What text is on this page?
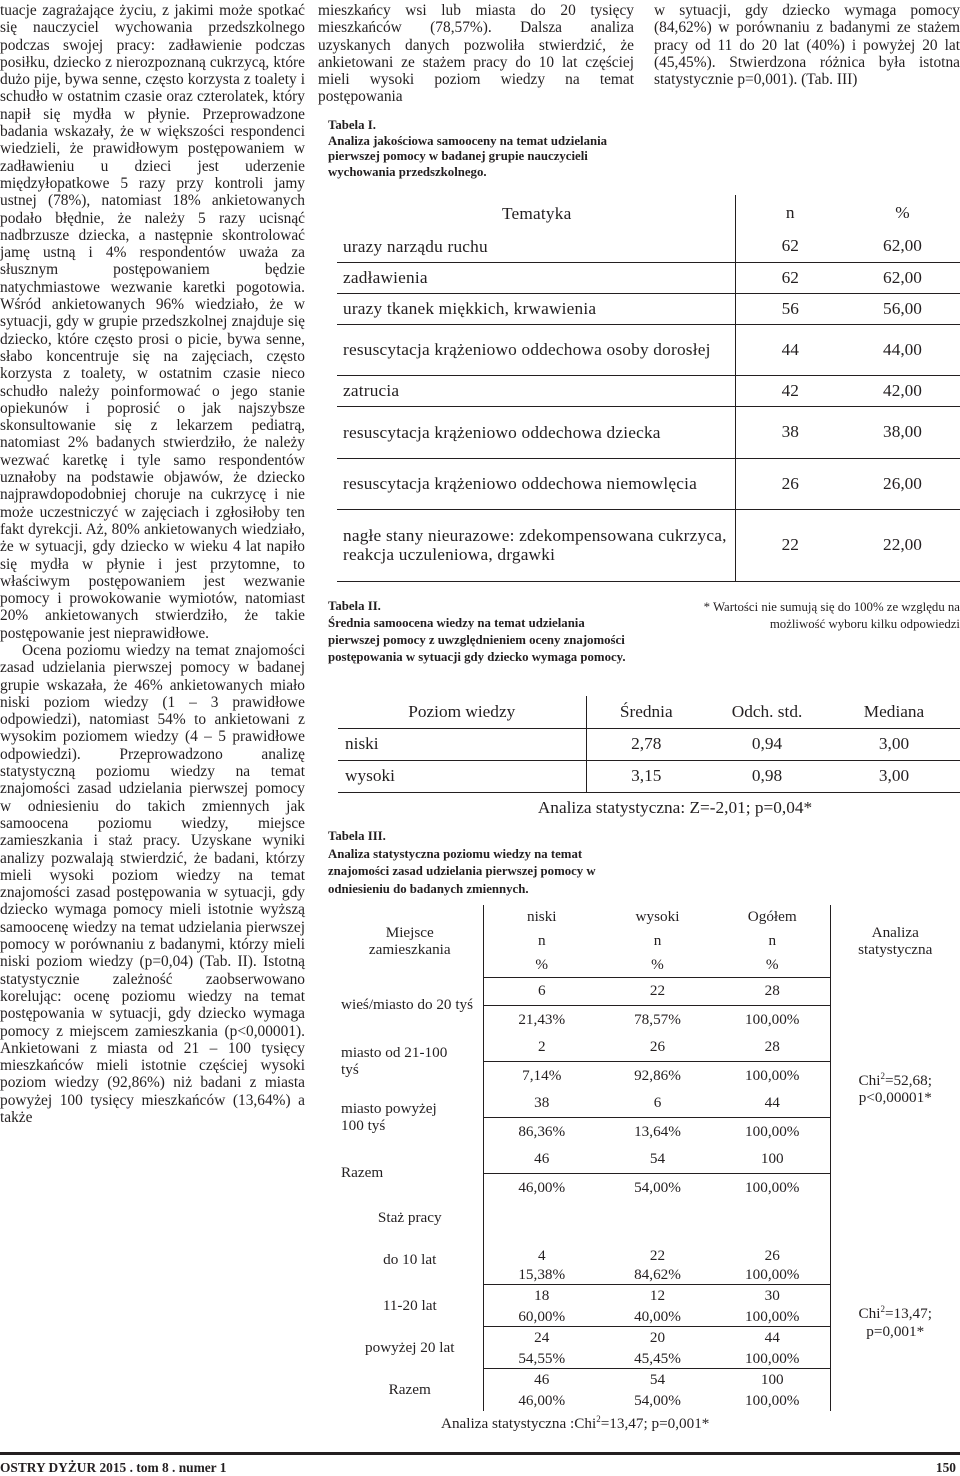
tuacje zagrażające życiu, z jakimi może spotkać się nauczyciel wychowania przedszkolnego podczas swojej pracy: zadławienie podczas posiłku, dziecko z nierozpoznaną cukrzycą, które dużo pije, bywa senne, często korzysta z toalety i schudło w ostatnim czasie oraz czterolatek, który napił się mydła w płynie. Przeprowadzone badania wskazały, że w większości respondenci wiedzieli, że prawidłowym postępowaniem w zadławieniu u dzieci jest uderzenie międzyłopatkowe 5 razy przy kontroli jamy ustnej (78%), natomiast 18% ankietowanych podało błędnie, że należy 5 razy ucisnąć nadbrzusze dziecka, a następnie skontrolować jamę ustną i 4% respondentów uważa za słusznym postępowaniem będzie natychmiastowe wezwanie karetki pogotowia. Wśród ankietowanych 96% wiedziało, że w sytuacji, gdy w grupie przedszkolnej znajduje się dziecko, które często prosi o picie, bywa senne, słabo koncentruje się na zajęciach, często korzysta z toalety, w ostatnim czasie nieco schudło należy poinformować o jego stanie opiekunów i poprosić o jak najszybsze skonsultowanie się z lekarzem pediatrą, natomiast 2% badanych stwierdziło, że należy wezwać karetkę i tyle samo respondentów uznałoby na podstawie objawów, że dziecko najprawdopodobniej choruje na cukrzycę i nie może uczestniczyć w zajęciach i zgłosiłoby ten fakt dyrekcji. Aż, 80% ankietowanych wiedziało, że w sytuacji, gdy dziecko w wieku 4 lat napiło się mydła w płynie i jest przytomne, to właściwym postępowaniem jest wezwanie pomocy i prowokowanie wymiotów, natomiast 20% ankietowanych stwierdziło, że takie postępowanie jest nieprawidłowe.

Ocena poziomu wiedzy na temat znajomości zasad udzielania pierwszej pomocy w badanej grupie wskazała, że 46% ankietowanych miało niski poziom wiedzy (1 – 3 prawidłowe odpowiedzi), natomiast 54% to ankietowani z wysokim poziomem wiedzy (4 – 5 prawidłowe odpowiedzi). Przeprowadzono analizę statystyczną poziomu wiedzy na temat znajomości zasad udzielania pierwszej pomocy w odniesieniu do takich zmiennych jak samoocena poziomu wiedzy, miejsce zamieszkania i staż pracy. Uzyskane wyniki analizy pozwalają stwierdzić, że badani, którzy mieli wysoki poziom wiedzy na temat znajomości zasad postępowania w sytuacji, gdy dziecko wymaga pomocy mieli istotnie wyższą samoocenę wiedzy na temat udzielania pierwszej pomocy w porównaniu z badanymi, którzy mieli niski poziom wiedzy (p=0,04) (Tab. II). Istotną statystycznie zależność zaobserwowano korelując: ocenę poziomu wiedzy na temat postępowania w sytuacji, gdy dziecko wymaga pomocy z miejscem zamieszkania (p<0,00001). Ankietowani z miasta od 21 – 100 tysięcy mieszkańców mieli istotnie częściej wysoki poziom wiedzy (92,86%) niż badani z miasta powyżej 100 tysięcy mieszkańców (13,64%) a także

mieszkańcy wsi lub miasta do 20 tysięcy mieszkańców (78,57%). Dalsza analiza uzyskanych danych pozwoliła stwierdzić, że ankietowani ze stażem pracy do 10 lat częściej mieli wysoki poziom wiedzy na temat postępowania

w sytuacji, gdy dziecko wymaga pomocy (84,62%) w porównaniu z badanymi ze stażem pracy od 11 do 20 lat (40%) i powyżej 20 lat (45,45%). Stwierdzona różnica była istotna statystycznie p=0,001). (Tab. III)

Tabela I.
Analiza jakościowa samooceny na temat udzielania pierwszej pomocy w badanej grupie nauczycieli wychowania przedszkolnego.
Tematyka	n	%
urazy narządu ruchu	62	62,00
zadławienia	62	62,00
urazy tkanek miękkich, krwawienia	56	56,00
resuscytacja krążeniowo oddechowa osoby dorosłej	44	44,00
zatrucia	42	42,00
resuscytacja krążeniowo oddechowa dziecka	38	38,00
resuscytacja krążeniowo oddechowa niemowlęcia	26	26,00
nagłe stany nieurazowe: zdekompensowana cukrzyca, reakcja uczuleniowa, drgawki	22	22,00
* Wartości nie sumują się do 100% ze względu na możliwość wyboru kilku odpowiedzi
Tabela II.
Średnia samoocena wiedzy na temat udzielania pierwszej pomocy z uwzględnieniem oceny znajomości postępowania w sytuacji gdy dziecko wymaga pomocy.
Poziom wiedzy	Średnia	Odch. std.	Mediana
niski	2,78	0,94	3,00
wysoki	3,15	0,98	3,00
Analiza statystyczna: Z=-2,01; p=0,04*			
Tabela III.
Analiza statystyczna poziomu wiedzy na temat znajomości zasad udzielania pierwszej pomocy w odniesieniu do badanych zmiennych.
Miejsce zamieszkania	niski	wysoki	Ogółem	Analiza statystyczna
	n	n	n	
	%	%	%	
wieś/miasto do 20 tyś	6	22	28	Chi$^2$=52,68;
p<0,00001*
	21,43%	78,57%	100,00%	
miasto od 21-100 tyś	2	26	28	
	7,14%	92,86%	100,00%	
miasto powyżej 100 tyś	38	6	44	
	86,36%	13,64%	100,00%	
Razem	46	54	100	
	46,00%	54,00%	100,00%	
Staż pracy				
do 10 lat	4	22	26	Chi$^2$=13,47;
p=0,001*
	15,38%	84,62%	100,00%	
11-20 lat	18	12	30	
	60,00%	40,00%	100,00%	
powyżej 20 lat	24	20	44	
	54,55%	45,45%	100,00%	
Razem	46	54	100	
	46,00%	54,00%	100,00%	
Analiza statystyczna :Chi$^2$=13,47; p=0,001*				
OSTRY DYŻUR 2015 . tom 8 . numer 1	150
